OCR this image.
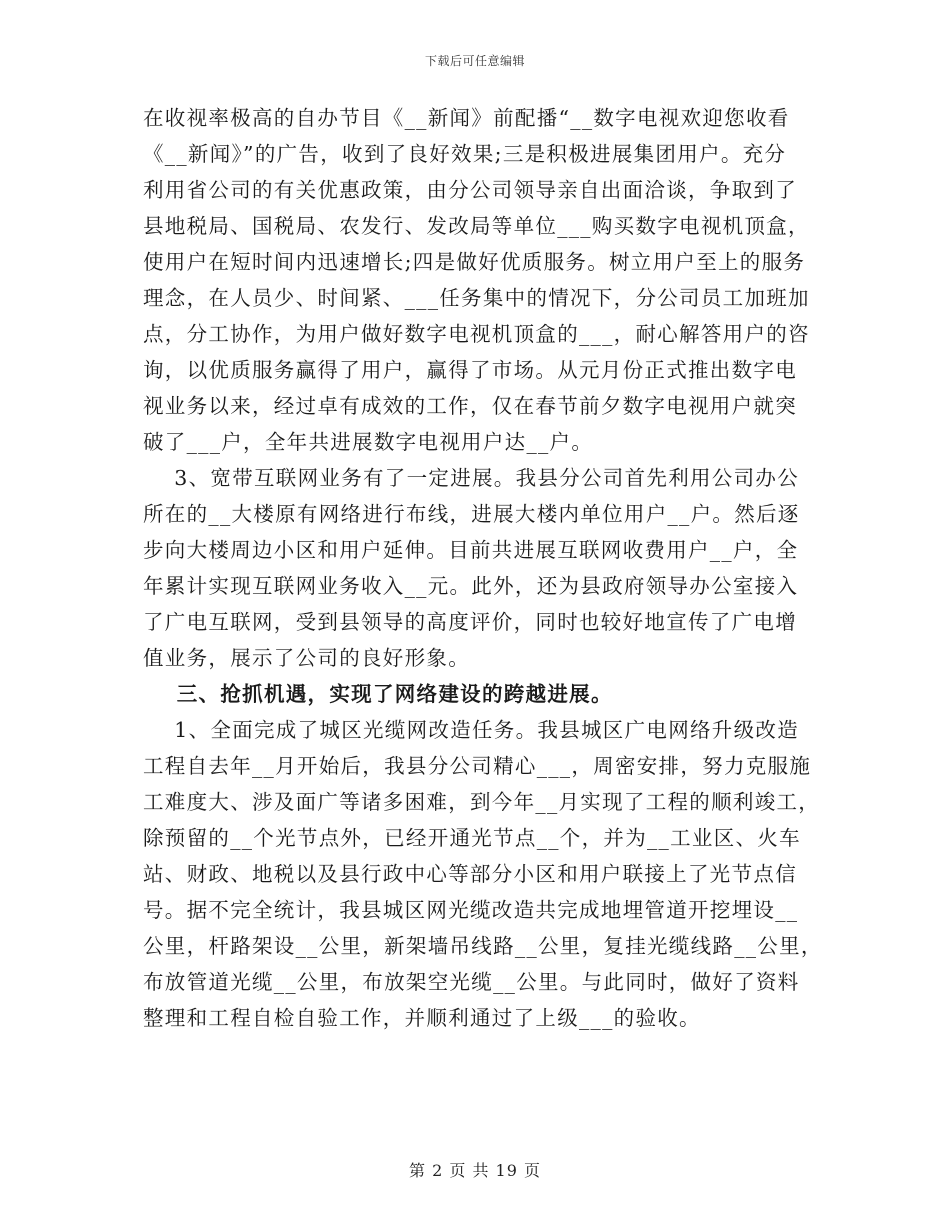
下载后可任意编辑
在收视率极高的自办节目《__新闻》前配播“__数字电视欢迎您收看
《__新闻》”的广告，收到了良好效果;三是积极进展集团用户。充分
利用省公司的有关优惠政策，由分公司领导亲自出面洽谈，争取到了
县地税局、国税局、农发行、发改局等单位___购买数字电视机顶盒，
使用户在短时间内迅速增长;四是做好优质服务。树立用户至上的服务
理念，在人员少、时间紧、___任务集中的情况下，分公司员工加班加
点，分工协作，为用户做好数字电视机顶盒的___，耐心解答用户的咨
询，以优质服务赢得了用户，赢得了市场。从元月份正式推出数字电
视业务以来，经过卓有成效的工作，仅在春节前夕数字电视用户就突
破了___户，全年共进展数字电视用户达__户。
3、宽带互联网业务有了一定进展。我县分公司首先利用公司办公
所在的__大楼原有网络进行布线，进展大楼内单位用户__户。然后逐
步向大楼周边小区和用户延伸。目前共进展互联网收费用户__户，全
年累计实现互联网业务收入__元。此外，还为县政府领导办公室接入
了广电互联网，受到县领导的高度评价，同时也较好地宣传了广电增
值业务，展示了公司的良好形象。
三、抢抓机遇，实现了网络建设的跨越进展。
1、全面完成了城区光缆网改造任务。我县城区广电网络升级改造
工程自去年__月开始后，我县分公司精心___，周密安排，努力克服施
工难度大、涉及面广等诸多困难，到今年__月实现了工程的顺利竣工，
除预留的__个光节点外，已经开通光节点__个，并为__工业区、火车
站、财政、地税以及县行政中心等部分小区和用户联接上了光节点信
号。据不完全统计，我县城区网光缆改造共完成地埋管道开挖埋设__
公里，杆路架设__公里，新架墙吊线路__公里，复挂光缆线路__公里，
布放管道光缆__公里，布放架空光缆__公里。与此同时，做好了资料
整理和工程自检自验工作，并顺利通过了上级___的验收。
第 2 页 共 19 页
